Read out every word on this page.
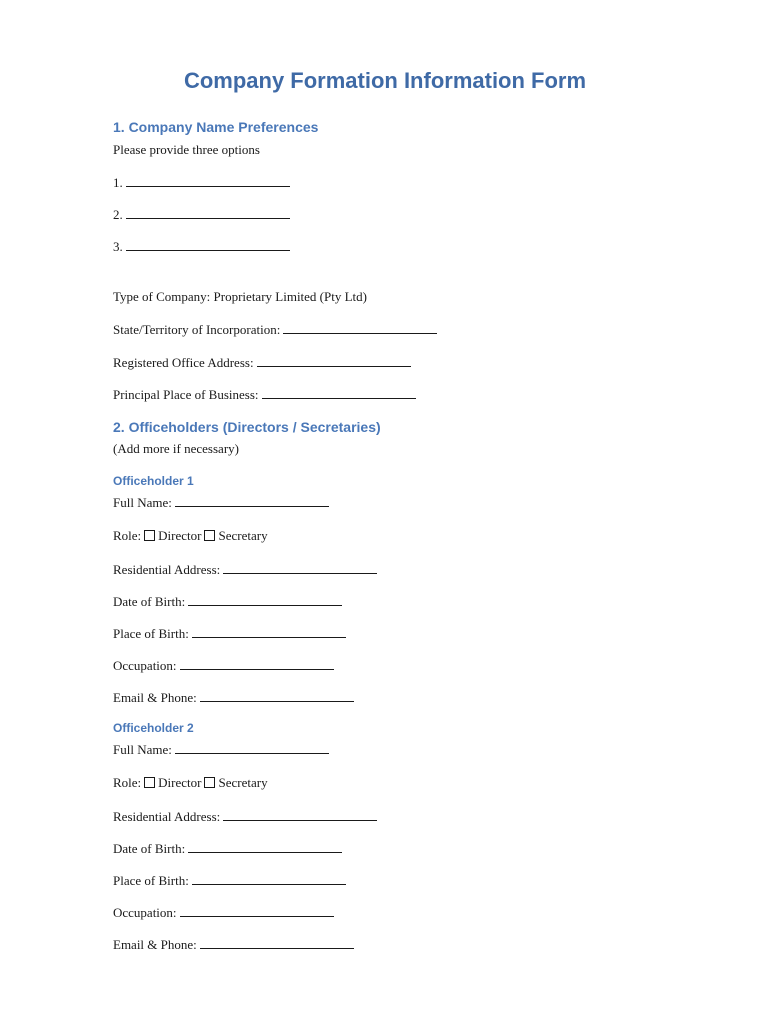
Company Formation Information Form
1. Company Name Preferences

Please provide three options

1.

2.

3.

Type of Company: Proprietary Limited (Pty Ltd)

State/Territory of Incorporation:

Registered Office Address:

Principal Place of Business:

2. Officeholders (Directors / Secretaries)

(Add more if necessary)

Officeholder 1

Full Name:

Role: Director Secretary

Residential Address:

Date of Birth:

Place of Birth:

Occupation:

Email & Phone:

Officeholder 2

Full Name:

Role: Director Secretary

Residential Address:

Date of Birth:

Place of Birth:

Occupation:

Email & Phone:
